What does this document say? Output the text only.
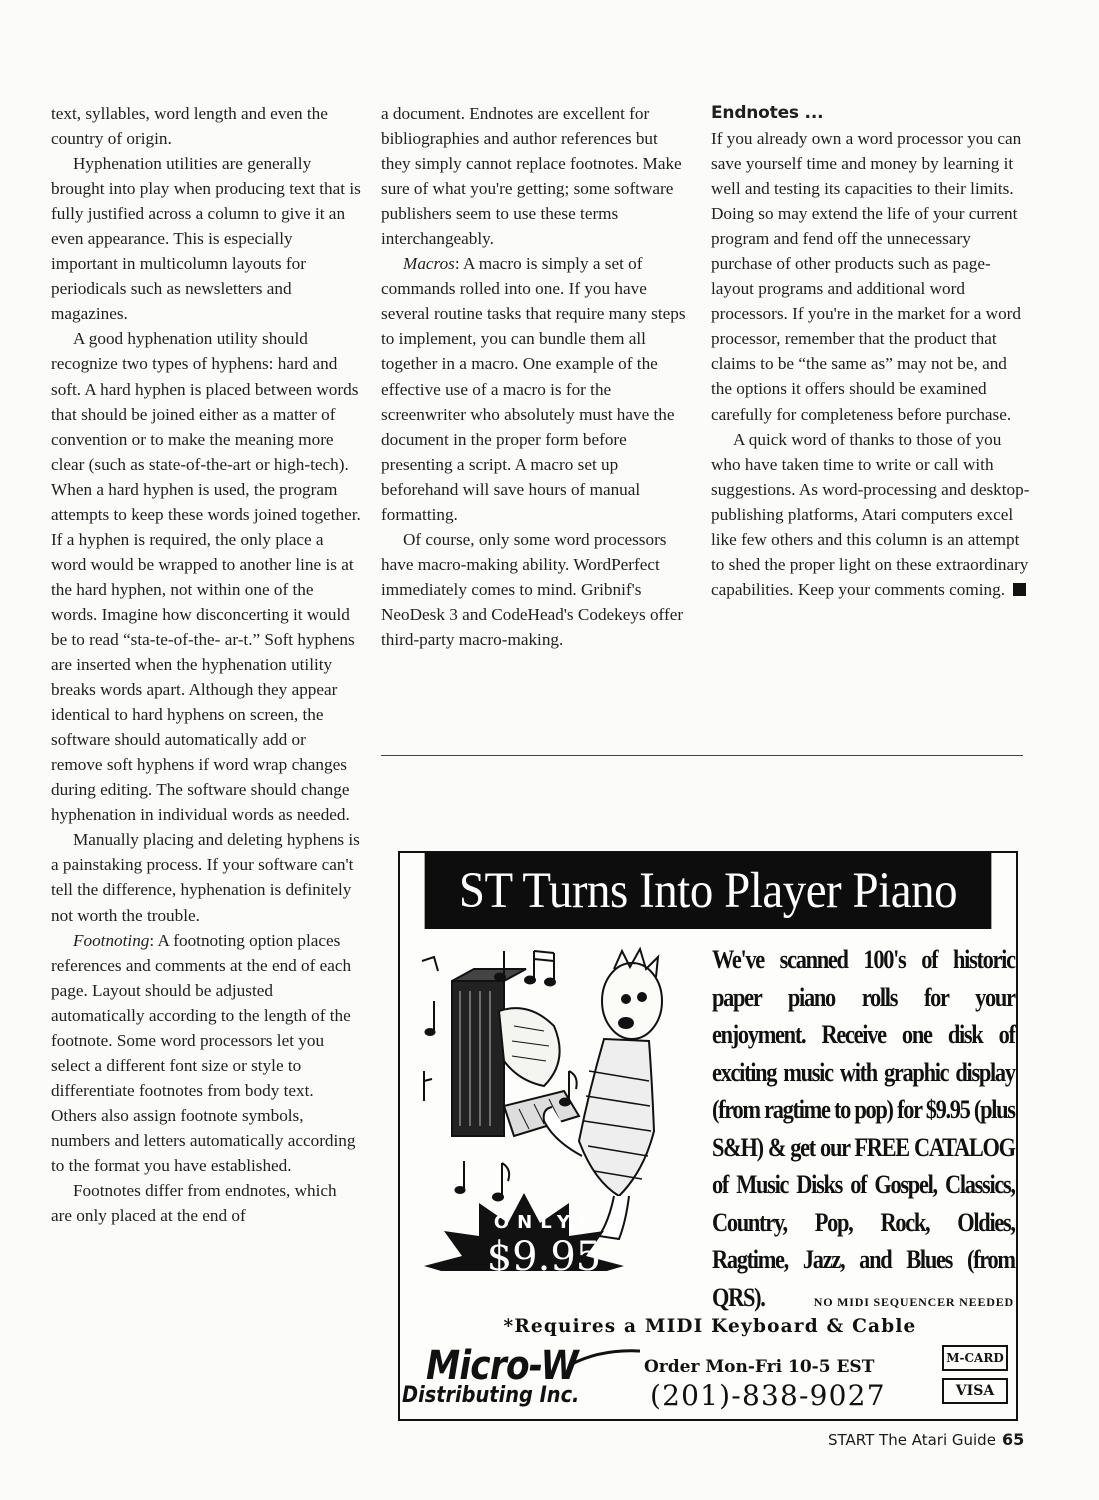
text, syllables, word length and even the country of origin.

Hyphenation utilities are generally brought into play when producing text that is fully justified across a column to give it an even appearance. This is especially important in multicolumn layouts for periodicals such as newsletters and magazines.

A good hyphenation utility should recognize two types of hyphens: hard and soft. A hard hyphen is placed between words that should be joined either as a matter of convention or to make the meaning more clear (such as state-of-the-art or high-tech). When a hard hyphen is used, the program attempts to keep these words joined together. If a hyphen is required, the only place a word would be wrapped to another line is at the hard hyphen, not within one of the words. Imagine how disconcerting it would be to read “sta-te-of-the- ar-t.” Soft hyphens are inserted when the hyphenation utility breaks words apart. Although they appear identical to hard hyphens on screen, the software should automatically add or remove soft hyphens if word wrap changes during editing. The software should change hyphenation in individual words as needed.

Manually placing and deleting hyphens is a painstaking process. If your software can't tell the difference, hyphenation is definitely not worth the trouble.

Footnoting: A footnoting option places references and comments at the end of each page. Layout should be adjusted automatically according to the length of the footnote. Some word processors let you select a different font size or style to differentiate footnotes from body text. Others also assign footnote symbols, numbers and letters automatically according to the format you have established.

Footnotes differ from endnotes, which are only placed at the end of

a document. Endnotes are excellent for bibliographies and author references but they simply cannot replace footnotes. Make sure of what you're getting; some software publishers seem to use these terms interchangeably.

Macros: A macro is simply a set of commands rolled into one. If you have several routine tasks that require many steps to implement, you can bundle them all together in a macro. One example of the effective use of a macro is for the screenwriter who absolutely must have the document in the proper form before presenting a script. A macro set up beforehand will save hours of manual formatting.

Of course, only some word processors have macro-making ability. WordPerfect immediately comes to mind. Gribnif's NeoDesk 3 and CodeHead's Codekeys offer third-party macro-making.

Endnotes ...

If you already own a word processor you can save yourself time and money by learning it well and testing its capacities to their limits. Doing so may extend the life of your current program and fend off the unnecessary purchase of other products such as page-layout programs and additional word processors. If you're in the market for a word processor, remember that the product that claims to be “the same as” may not be, and the options it offers should be examined carefully for completeness before purchase.

A quick word of thanks to those of you who have taken time to write or call with suggestions. As word-processing and desktop-publishing platforms, Atari computers excel like few others and this column is an attempt to shed the proper light on these extraordinary capabilities. Keep your comments coming.

ST Turns Into Player Piano
ONLY!
$9.95
We've scanned 100's of historic paper piano rolls for your enjoyment. Receive one disk of exciting music with graphic display (from ragtime to pop) for $9.95 (plus S&H) & get our FREE CATALOG of Music Disks of Gospel, Classics, Country, Pop, Rock, Oldies, Ragtime, Jazz, and Blues (from QRS).	NO MIDI SEQUENCER NEEDED
*Requires a MIDI Keyboard & Cable
Micro-W
Distributing Inc.
Order Mon-Fri 10-5 EST
(201)-838-9027
M-CARD
VISA
START The Atari Guide 65
